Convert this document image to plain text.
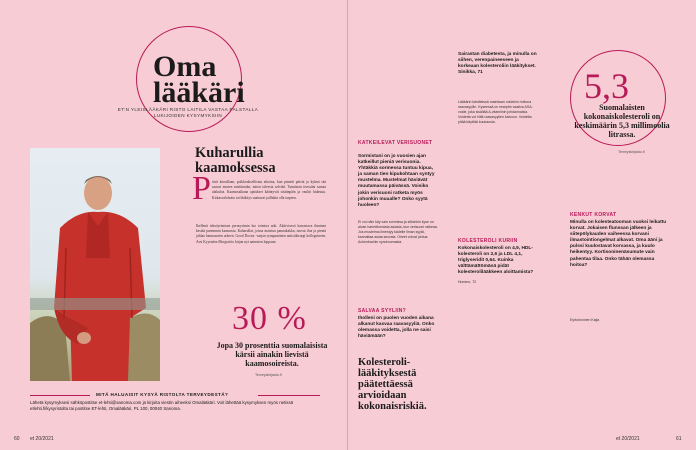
Oma
lääkäri
ET:N YLEISLÄÄKÄRI RISTO LAITILA VASTAA PALSTALLA LUKIJOIDEN KYSYMYKSIIN
Kuharullia
kaamoksessa
P äivä kerrallaan, poikkeuksellisina aikoina, kun pimeät päivät ja kylmä sää saavat monen miettimään, miten talvesta selviää. Tunnistan itsessäni samaa alakuloa. Kaamosaikana ajatukset kääntyvät sisäänpäin ja vauhti hidastuu. Kirkasvalohoito tai lääkitys saattavat joillakin olla tarpeen.
Ihellenti tekstiyrimisen perusyrimin luo toimiva arki. Aktiivisesti harrastava ihminen kestää paremmin kaamosta. Kuharullat, joissa maistuu pannukakku, tuovat iloa ja pientä juhlaa harmaaseen arkeen. Good Doctor -sarjan sympaattinen autistikirurgi kollegoineen. Assi Kyyrnäen Morgoritto kirjan nyt naimisen loppuun.
30 %
Jopa 30 prosenttia suomalaisista kärsii ainakin lievistä kaamosoireista.
Terveyskirjasto.fi
MITÄ HALUAISIT KYSYÄ RISTOLTA TERVEYDESTÄ?
Lähetä kysymyksesi sähköpostitse et-lehti@sanoma.com ja kirjoita viestin aiheeksi Omalääkäri. Voit lähettää kysymyksen myös netissä etlehti.fi/kysyristolta tai postitse ET-lehti, Omalääkäri, PL 100, 00040 Sanoma.
60 et 20/2021
KATKEILEVAT VERISUONET
Sormistani on jo vuosien ajan katkeillut pieniä verisuonia. Yhtäkkiä sormessa tuntuu kipua, ja saman tien kipukohtaan syntyy mustelma. Mustelmat häviävät muutamassa päivässä. Voisiko jokin verisuoni ratketa myös johonkin muualle? Onko syytä huoleen?
Ei voi näin käy vain sormissa ja silloinkin kyse on aivan harmittomasta asiasta, kun verisuoni ratkeaa. Jos mustelma ilmestyy kädelle ilman syytä, kannattaa asiaa seurata. Oireet voivat johtua Achenbachin syndroomasta.
SALVAA SYYLIIN?
Iholleni on puolen vuoden aikana alkanut kasvaa raavasyyliä. Onko olemassa voidetta, jolla ne saisi häviämään?
Kolesteroli-lääkityksestä päätettäessä arvioidaan kokonaisriskiä.
Sairastan diabetesta, ja minulla on siihen, verenpaineeseen ja korkeaan kolesteroliin lääkitykset. Sinikka, 71
Lääkärin käsitteissä mainitaan voidekin hoitona raavasyyliin. Kyseessä on reseptin vaativa ASA-voide, joka sisältää A-vitamiinin johdannaisia. Voidetta voi hiltä raavasyylien kalvoon. Voidetta pitää käyttää kuukausia.
KOLESTEROLI KURIIN
Kokonaiskolesteroli on 4,9, HDL-kolesteroli on 2,6 ja LDL 4,1, triglyseridit 0,64. Kuinka välttämättömänä pidät kolesterolilääkkeen aloittamista?
Hummo, 72
5,3
Suomalaisten kokonaiskolesteroli on keskimäärin 5,3 millimoolia litrassa.
Terveyskirjasto.fi
KENKUT KORVAT
Minulla on kolesteatooman vuoksi leikattu korvat. Jokaisen flunssan jälkeen ja siitepölykauden vaiheessa korvani ilmastointiongelmat alkavat. Oma ääni ja pulssi kuulostavat korvassa, ja kuulo heikentyy. Kortisoninenäsumute vain pahentaa tilaa. Onko tähän olemassa hoitoa?
Eyrtoinvonen Kaija
et 20/2021	61
